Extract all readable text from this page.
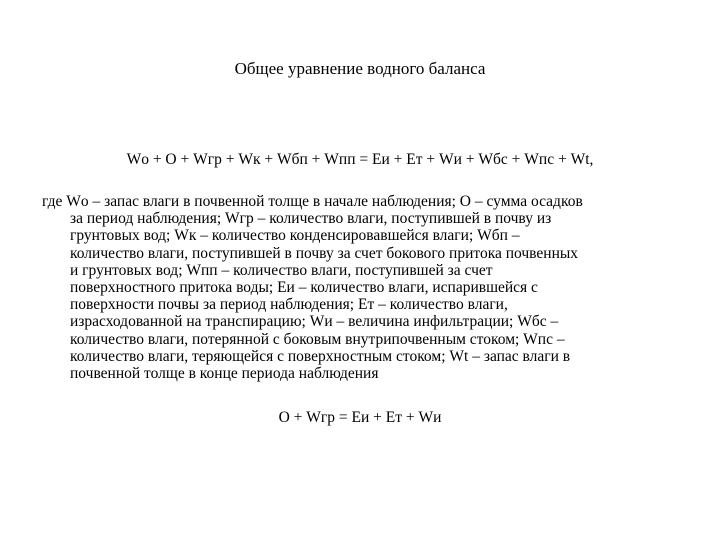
Общее уравнение водного баланса
Wо + О + Wгр + Wк + Wбп + Wпп = Еи + Ет + Wи + Wбс + Wпс + Wt,
где Wо – запас влаги в почвенной толще в начале наблюдения; О – сумма осадков
за период наблюдения; Wгр – количество влаги, поступившей в почву из
грунтовых вод; Wк – количество конденсировавшейся влаги; Wбп –
количество влаги, поступившей в почву за счет бокового притока почвенных
и грунтовых вод; Wпп – количество влаги, поступившей за счет
поверхностного притока воды; Еи – количество влаги, испарившейся с
поверхности почвы за период наблюдения; Ет – количество влаги,
израсходованной на транспирацию; Wи – величина инфильтрации; Wбс –
количество влаги, потерянной с боковым внутрипочвенным стоком; Wпс –
количество влаги, теряющейся с поверхностным стоком; Wt – запас влаги в
почвенной толще в конце периода наблюдения
О + Wгр = Еи + Ет + Wи
